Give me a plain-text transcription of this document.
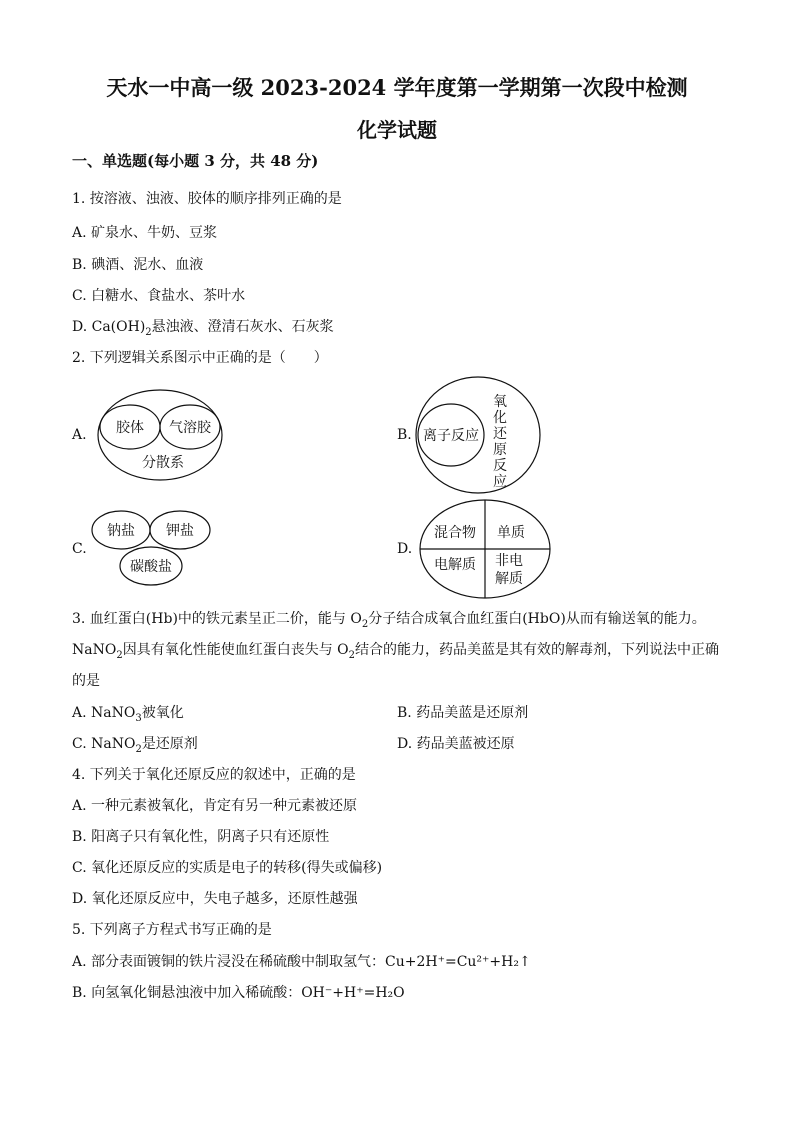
天水一中高一级 2023-2024 学年度第一学期第一次段中检测
化学试题
一、单选题(每小题 3 分，共 48 分)
1. 按溶液、浊液、胶体的顺序排列正确的是
A. 矿泉水、牛奶、豆浆
B. 碘酒、泥水、血液
C. 白糖水、食盐水、茶叶水
D. $Ca(OH)_2$悬浊液、澄清石灰水、石灰浆
2. 下列逻辑关系图示中正确的是（　　）
A. 胶体 气溶胶
分散系
B. 离子反应
氧
化
还
原
反
应
C.
钠盐 钾盐
碳酸盐
D.
混合物 单质
电解质 非电
解质
3. 血红蛋白(Hb)中的铁元素呈正二价，能与 $O_2$分子结合成氧合血红蛋白(HbO)从而有输送氧的能力。
NaNO$_2$因具有氧化性能使血红蛋白丧失与 $O_2$结合的能力，药品美蓝是其有效的解毒剂，下列说法中正确
的是
A. NaNO$_3$被氧化	B. 药品美蓝是还原剂
C. NaNO$_2$是还原剂	D. 药品美蓝被还原
4. 下列关于氧化还原反应的叙述中，正确的是
A. 一种元素被氧化，肯定有另一种元素被还原
B. 阳离子只有氧化性，阴离子只有还原性
C. 氧化还原反应的实质是电子的转移(得失或偏移)
D. 氧化还原反应中，失电子越多，还原性越强
5. 下列离子方程式书写正确的是
A. 部分表面镀铜的铁片浸没在稀硫酸中制取氢气：Cu+2H⁺=Cu²⁺+H₂↑
B. 向氢氧化铜悬浊液中加入稀硫酸：OH⁻+H⁺=H₂O
